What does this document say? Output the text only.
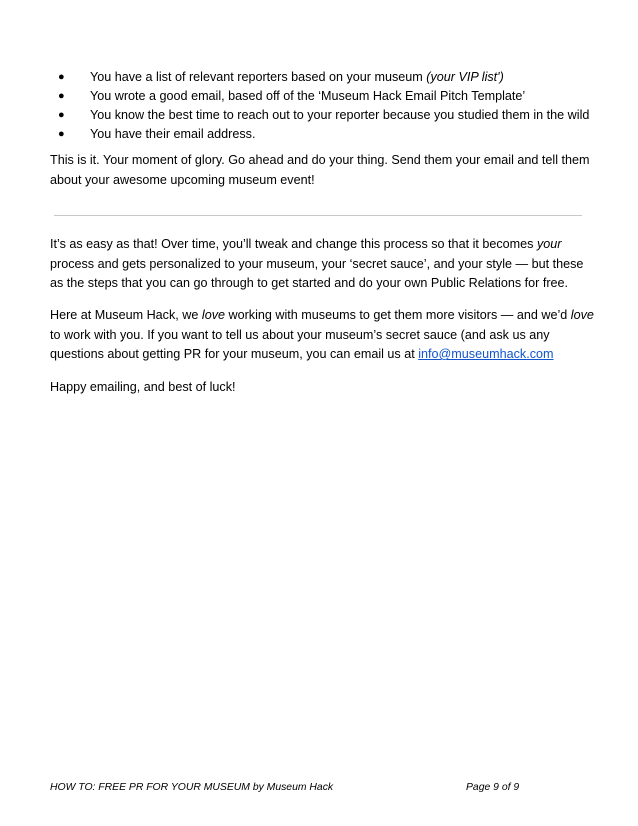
● You have a list of relevant reporters based on your museum (your VIP list')
● You wrote a good email, based off of the ‘Museum Hack Email Pitch Template’
● You know the best time to reach out to your reporter because you studied them in the wild
● You have their email address.

This is it. Your moment of glory. Go ahead and do your thing. Send them your email and tell them about your awesome upcoming museum event!

It’s as easy as that! Over time, you’ll tweak and change this process so that it becomes your process and gets personalized to your museum, your ‘secret sauce’, and your style — but these as the steps that you can go through to get started and do your own Public Relations for free.

Here at Museum Hack, we love working with museums to get them more visitors — and we’d love to work with you. If you want to tell us about your museum’s secret sauce (and ask us any questions about getting PR for your museum, you can email us at info@museumhack.com

Happy emailing, and best of luck!

HOW TO: FREE PR FOR YOUR MUSEUM by Museum Hack	Page 9 of 9
